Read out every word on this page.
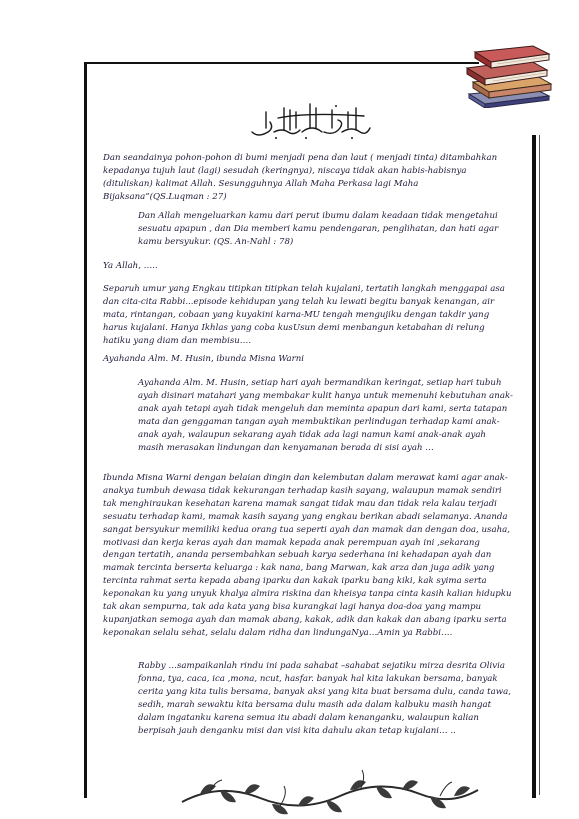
Dan seandainya pohon-pohon di bumi menjadi pena dan laut ( menjadi tinta) ditambahkan kepadanya tujuh laut (lagi) sesudah (keringnya), niscaya tidak akan habis-habisnya (dituliskan) kalimat Allah. Sesungguhnya Allah Maha Perkasa lagi Maha Bijaksana”(QS.Luqman : 27)

Dan Allah mengeluarkan kamu dari perut ibumu dalam keadaan tidak mengetahui sesuatu apapun , dan Dia memberi kamu pendengaran, penglihatan, dan hati agar kamu bersyukur. (QS. An-Nahl : 78)

Ya Allah, …..

Separuh umur yang Engkau titipkan titipkan telah kujalani, tertatih langkah menggapai asa dan cita-cita Rabbi...episode kehidupan yang telah ku lewati begitu banyak kenangan, air mata, rintangan, cobaan yang kuyakini karna-MU tengah mengujiku dengan takdir yang harus kujalani. Hanya Ikhlas yang coba kusUsun demi menbangun ketabahan di relung hatiku yang diam dan membisu….

Ayahanda Alm. M. Husin, ibunda Misna Warni

Ayahanda Alm. M. Husin, setiap hari ayah bermandikan keringat, setiap hari tubuh ayah disinari matahari yang membakar kulit hanya untuk memenuhi kebutuhan anak-anak ayah tetapi ayah tidak mengeluh dan meminta apapun dari kami, serta tatapan mata dan genggaman tangan ayah membuktikan perlindugan terhadap kami anak-anak ayah, walaupun sekarang ayah tidak ada lagi namun kami anak-anak ayah masih merasakan lindungan dan kenyamanan berada di sisi ayah …

Ibunda Misna Warni dengan belaian dingin dan kelembutan dalam merawat kami agar anak-anakya tumbuh dewasa tidak kekurangan terhadap kasih sayang, walaupun mamak sendiri tak menghiraukan kesehatan karena mamak sangat tidak mau dan tidak rela kalau terjadi sesuatu terhadap kami, mamak kasih sayang yang engkau berikan abadi selamanya. Ananda sangat bersyukur memiliki kedua orang tua seperti ayah dan mamak dan dengan doa, usaha, motivasi dan kerja keras ayah dan mamak kepada anak perempuan ayah ini ,sekarang dengan tertatih, ananda persembahkan sebuah karya sederhana ini kehadapan ayah dan mamak tercinta berserta keluarga : kak nana, bang Marwan, kak arza dan juga adik yang tercinta rahmat serta kepada abang iparku dan kakak iparku bang kiki, kak syima serta keponakan ku yang unyuk khalya almira riskina dan kheisya tanpa cinta kasih kalian hidupku tak akan sempurna, tak ada kata yang bisa kurangkai lagi hanya doa-doa yang mampu kupanjatkan semoga ayah dan mamak abang, kakak, adik dan kakak dan abang iparku serta keponakan selalu sehat, selalu dalam ridha dan lindungaNya…Amin ya Rabbi….

Rabby …sampaikanlah rindu ini pada sahabat –sahabat sejatiku mirza desrita Olivia fonna, tya, caca, ica ,mona, ncut, hasfar. banyak hal kita lakukan bersama, banyak cerita yang kita tulis bersama, banyak aksi yang kita buat bersama dulu, canda tawa, sedih, marah sewaktu kita bersama dulu masih ada dalam kalbuku masih hangat dalam ingatanku karena semua itu abadi dalam kenanganku, walaupun kalian berpisah jauh denganku misi dan visi kita dahulu akan tetap kujalani… ..
